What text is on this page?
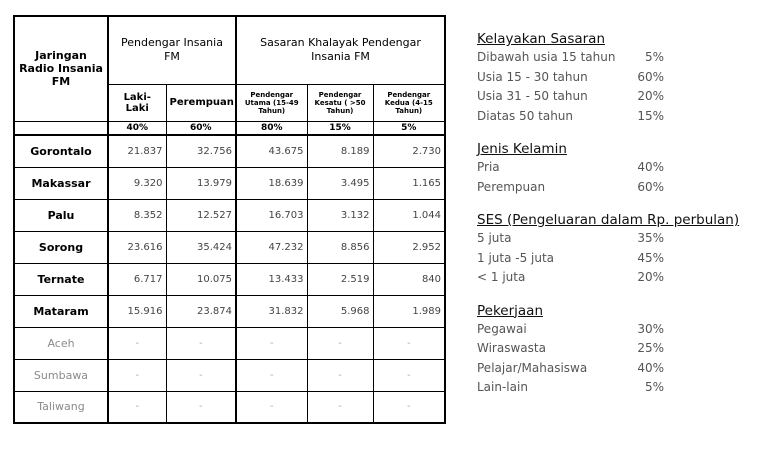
Jaringan Radio Insania FM	Pendengar Insania FM		Sasaran Khalayak Pendengar Insania FM		
	Laki-Laki	Perempuan	Pendengar Utama (15-49 Tahun)	Pendengar Kesatu ( >50 Tahun)	Pendengar Kedua (4-15 Tahun)
	40%	60%	80%	15%	5%
Gorontalo	21.837	32.756	43.675	8.189	2.730
Makassar	9.320	13.979	18.639	3.495	1.165
Palu	8.352	12.527	16.703	3.132	1.044
Sorong	23.616	35.424	47.232	8.856	2.952
Ternate	6.717	10.075	13.433	2.519	840
Mataram	15.916	23.874	31.832	5.968	1.989
Aceh	-	-	-	-	-
Sumbawa	-	-	-	-	-
Taliwang	-	-	-	-	-
Kelayakan Sasaran
Dibawah usia 15 tahun	5%
Usia 15 - 30 tahun	60%
Usia 31 - 50 tahun	20%
Diatas 50 tahun	15%
Jenis Kelamin
Pria	40%
Perempuan	60%
SES (Pengeluaran dalam Rp. perbulan)
5 juta	35%
1 juta -5 juta	45%
< 1 juta	20%
Pekerjaan
Pegawai	30%
Wiraswasta	25%
Pelajar/Mahasiswa	40%
Lain-lain	5%
